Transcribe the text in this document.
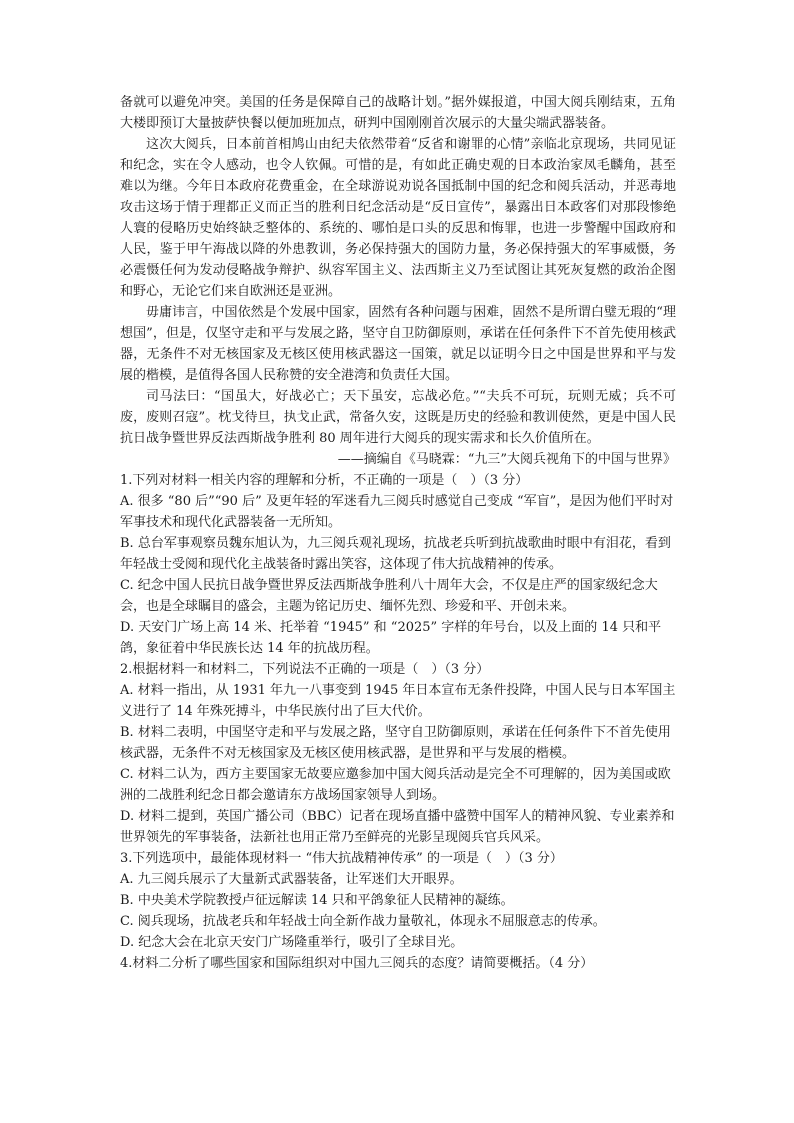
备就可以避免冲突。美国的任务是保障自己的战略计划。”据外媒报道，中国大阅兵刚结束，五角大楼即预订大量披萨快餐以便加班加点，研判中国刚刚首次展示的大量尖端武器装备。

这次大阅兵，日本前首相鸠山由纪夫依然带着“反省和谢罪的心情”亲临北京现场，共同见证和纪念，实在令人感动，也令人钦佩。可惜的是，有如此正确史观的日本政治家凤毛麟角，甚至难以为继。今年日本政府花费重金，在全球游说劝说各国抵制中国的纪念和阅兵活动，并恶毒地攻击这场于情于理都正义而正当的胜利日纪念活动是“反日宣传”，暴露出日本政客们对那段惨绝人寰的侵略历史始终缺乏整体的、系统的、哪怕是口头的反思和悔罪，也进一步警醒中国政府和人民，鉴于甲午海战以降的外患教训，务必保持强大的国防力量，务必保持强大的军事威慑，务必震慑任何为发动侵略战争辩护、纵容军国主义、法西斯主义乃至试图让其死灰复燃的政治企图和野心，无论它们来自欧洲还是亚洲。

毋庸讳言，中国依然是个发展中国家，固然有各种问题与困难，固然不是所谓白璧无瑕的“理想国”，但是，仅坚守走和平与发展之路，坚守自卫防御原则，承诺在任何条件下不首先使用核武器，无条件不对无核国家及无核区使用核武器这一国策，就足以证明今日之中国是世界和平与发展的楷模，是值得各国人民称赞的安全港湾和负责任大国。

司马法曰：“国虽大，好战必亡；天下虽安，忘战必危。”“夫兵不可玩，玩则无威；兵不可废，废则召寇”。枕戈待旦，执戈止武，常备久安，这既是历史的经验和教训使然，更是中国人民抗日战争暨世界反法西斯战争胜利 80 周年进行大阅兵的现实需求和长久价值所在。

——摘编自《马晓霖：“九三”大阅兵视角下的中国与世界》

1.下列对材料一相关内容的理解和分析，不正确的一项是（　）（3 分）

A. 很多 “80 后”“90 后” 及更年轻的军迷看九三阅兵时感觉自己变成 “军盲”，是因为他们平时对军事技术和现代化武器装备一无所知。

B. 总台军事观察员魏东旭认为，九三阅兵观礼现场，抗战老兵听到抗战歌曲时眼中有泪花，看到年轻战士受阅和现代化主战装备时露出笑容，这体现了伟大抗战精神的传承。

C. 纪念中国人民抗日战争暨世界反法西斯战争胜利八十周年大会，不仅是庄严的国家级纪念大会，也是全球瞩目的盛会，主题为铭记历史、缅怀先烈、珍爱和平、开创未来。

D. 天安门广场上高 14 米、托举着 “1945” 和 “2025” 字样的年号台，以及上面的 14 只和平鸽，象征着中华民族长达 14 年的抗战历程。

2.根据材料一和材料二，下列说法不正确的一项是（　）（3 分）

A. 材料一指出，从 1931 年九一八事变到 1945 年日本宣布无条件投降，中国人民与日本军国主义进行了 14 年殊死搏斗，中华民族付出了巨大代价。

B. 材料二表明，中国坚守走和平与发展之路，坚守自卫防御原则，承诺在任何条件下不首先使用核武器，无条件不对无核国家及无核区使用核武器，是世界和平与发展的楷模。

C. 材料二认为，西方主要国家无故要应邀参加中国大阅兵活动是完全不可理解的，因为美国或欧洲的二战胜利纪念日都会邀请东方战场国家领导人到场。

D. 材料二提到，英国广播公司（BBC）记者在现场直播中盛赞中国军人的精神风貌、专业素养和世界领先的军事装备，法新社也用正常乃至鲜亮的光影呈现阅兵官兵风采。

3.下列选项中，最能体现材料一 “伟大抗战精神传承” 的一项是（　）（3 分）

A. 九三阅兵展示了大量新式武器装备，让军迷们大开眼界。

B. 中央美术学院教授卢征远解读 14 只和平鸽象征人民精神的凝练。

C. 阅兵现场，抗战老兵和年轻战士向全新作战力量敬礼，体现永不屈服意志的传承。

D. 纪念大会在北京天安门广场隆重举行，吸引了全球目光。

4.材料二分析了哪些国家和国际组织对中国九三阅兵的态度？请简要概括。（4 分）
